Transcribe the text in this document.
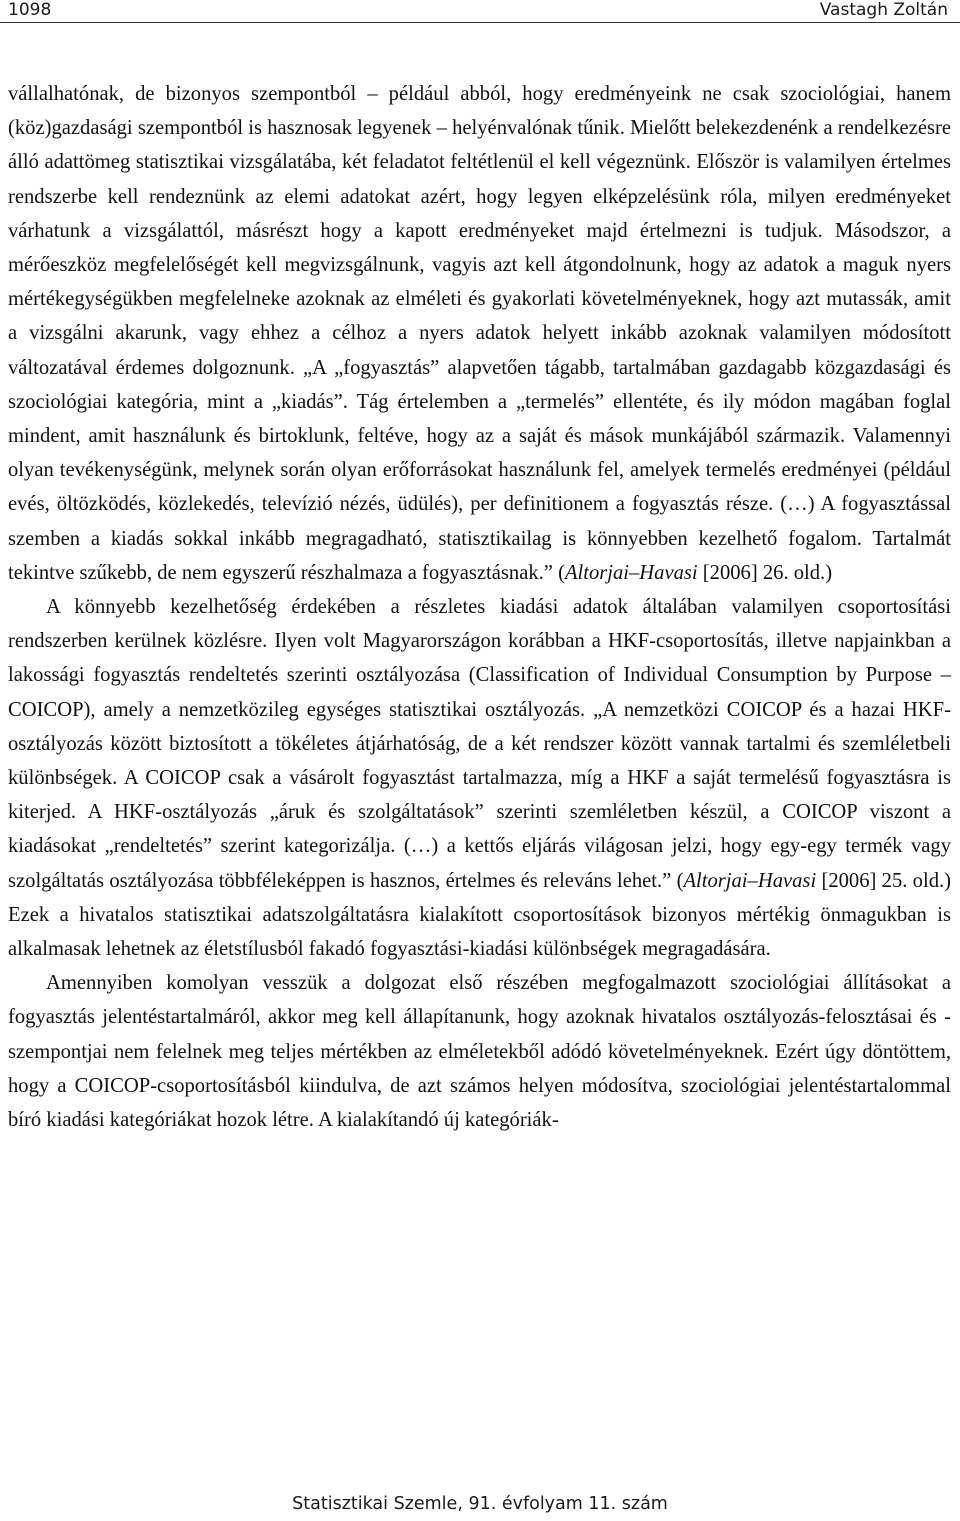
1098	Vastagh Zoltán

vállalhatónak, de bizonyos szempontból – például abból, hogy eredményeink ne csak szociológiai, hanem (köz)gazdasági szempontból is hasznosak legyenek – helyénvalónak tűnik. Mielőtt belekezdenénk a rendelkezésre álló adattömeg statisztikai vizsgálatába, két feladatot feltétlenül el kell végeznünk. Először is valamilyen értelmes rendszerbe kell rendeznünk az elemi adatokat azért, hogy legyen elképzelésünk róla, milyen eredményeket várhatunk a vizsgálattól, másrészt hogy a kapott eredményeket majd értelmezni is tudjuk. Másodszor, a mérőeszköz megfelelőségét kell megvizsgálnunk, vagyis azt kell átgondolnunk, hogy az adatok a maguk nyers mértékegységükben megfelelneke azoknak az elméleti és gyakorlati követelményeknek, hogy azt mutassák, amit a vizsgálni akarunk, vagy ehhez a célhoz a nyers adatok helyett inkább azoknak valamilyen módosított változatával érdemes dolgoznunk. „A „fogyasztás” alapvetően tágabb, tartalmában gazdagabb közgazdasági és szociológiai kategória, mint a „kiadás”. Tág értelemben a „termelés” ellentéte, és ily módon magában foglal mindent, amit használunk és birtoklunk, feltéve, hogy az a saját és mások munkájából származik. Valamennyi olyan tevékenységünk, melynek során olyan erőforrásokat használunk fel, amelyek termelés eredményei (például evés, öltözködés, közlekedés, televízió nézés, üdülés), per definitionem a fogyasztás része. (…) A fogyasztással szemben a kiadás sokkal inkább megragadható, statisztikailag is könnyebben kezelhető fogalom. Tartalmát tekintve szűkebb, de nem egyszerű részhalmaza a fogyasztásnak.” (Altorjai–Havasi [2006] 26. old.)

A könnyebb kezelhetőség érdekében a részletes kiadási adatok általában valamilyen csoportosítási rendszerben kerülnek közlésre. Ilyen volt Magyarországon korábban a HKF-csoportosítás, illetve napjainkban a lakossági fogyasztás rendeltetés szerinti osztályozása (Classification of Individual Consumption by Purpose – COICOP), amely a nemzetközileg egységes statisztikai osztályozás. „A nemzetközi COICOP és a hazai HKF-osztályozás között biztosított a tökéletes átjárhatóság, de a két rendszer között vannak tartalmi és szemléletbeli különbségek. A COICOP csak a vásárolt fogyasztást tartalmazza, míg a HKF a saját termelésű fogyasztásra is kiterjed. A HKF-osztályozás „áruk és szolgáltatások” szerinti szemléletben készül, a COICOP viszont a kiadásokat „rendeltetés” szerint kategorizálja. (…) a kettős eljárás világosan jelzi, hogy egy-egy termék vagy szolgáltatás osztályozása többféleképpen is hasznos, értelmes és releváns lehet.” (Altorjai–Havasi [2006] 25. old.) Ezek a hivatalos statisztikai adatszolgáltatásra kialakított csoportosítások bizonyos mértékig önmagukban is alkalmasak lehetnek az életstílusból fakadó fogyasztási-kiadási különbségek megragadására.

Amennyiben komolyan vesszük a dolgozat első részében megfogalmazott szociológiai állításokat a fogyasztás jelentéstartalmáról, akkor meg kell állapítanunk, hogy azoknak hivatalos osztályozás-felosztásai és -szempontjai nem felelnek meg teljes mértékben az elméletekből adódó követelményeknek. Ezért úgy döntöttem, hogy a COICOP-csoportosításból kiindulva, de azt számos helyen módosítva, szociológiai jelentéstartalommal bíró kiadási kategóriákat hozok létre. A kialakítandó új kategóriák-

Statisztikai Szemle, 91. évfolyam 11. szám
